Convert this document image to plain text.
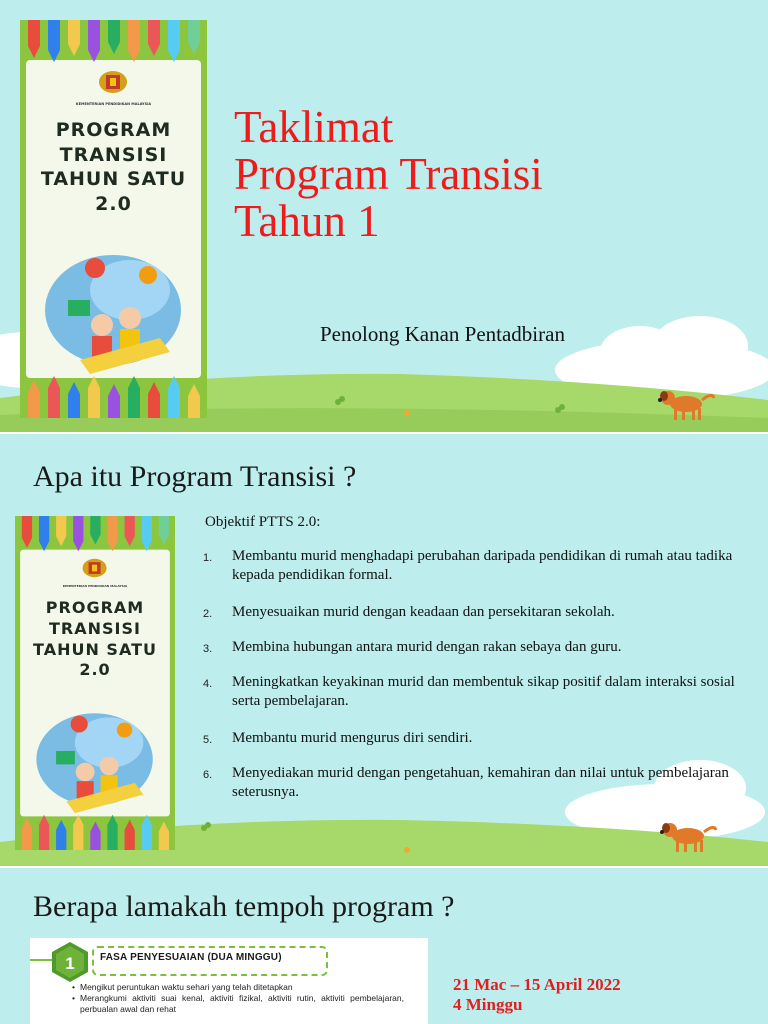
KEMENTERIAN PENDIDIKAN MALAYSIA
PROGRAM
TRANSISI
TAHUN SATU
2.0
Taklimat
Program Transisi
Tahun 1
Penolong Kanan Pentadbiran
Apa itu Program Transisi ?
KEMENTERIAN PENDIDIKAN MALAYSIA
PROGRAM
TRANSISI
TAHUN SATU
2.0
Objektif PTTS 2.0:
1. Membantu murid menghadapi perubahan daripada pendidikan di rumah atau tadika kepada pendidikan formal.
2. Menyesuaikan murid dengan keadaan dan persekitaran sekolah.
3. Membina hubungan antara murid dengan rakan sebaya dan guru.
4. Meningkatkan keyakinan murid dan membentuk sikap positif dalam interaksi sosial serta pembelajaran.
5. Membantu murid mengurus diri sendiri.
6. Menyediakan murid dengan pengetahuan, kemahiran dan nilai untuk pembelajaran seterusnya.
Berapa lamakah tempoh program ?
1	FASA PENYESUAIAN (DUA MINGGU)
• Mengikut peruntukan waktu sehari yang telah ditetapkan
• Merangkumi aktiviti suai kenal, aktiviti fizikal, aktiviti rutin, aktiviti pembelajaran, perbualan awal dan rehat
21 Mac – 15 April 2022
4 Minggu
